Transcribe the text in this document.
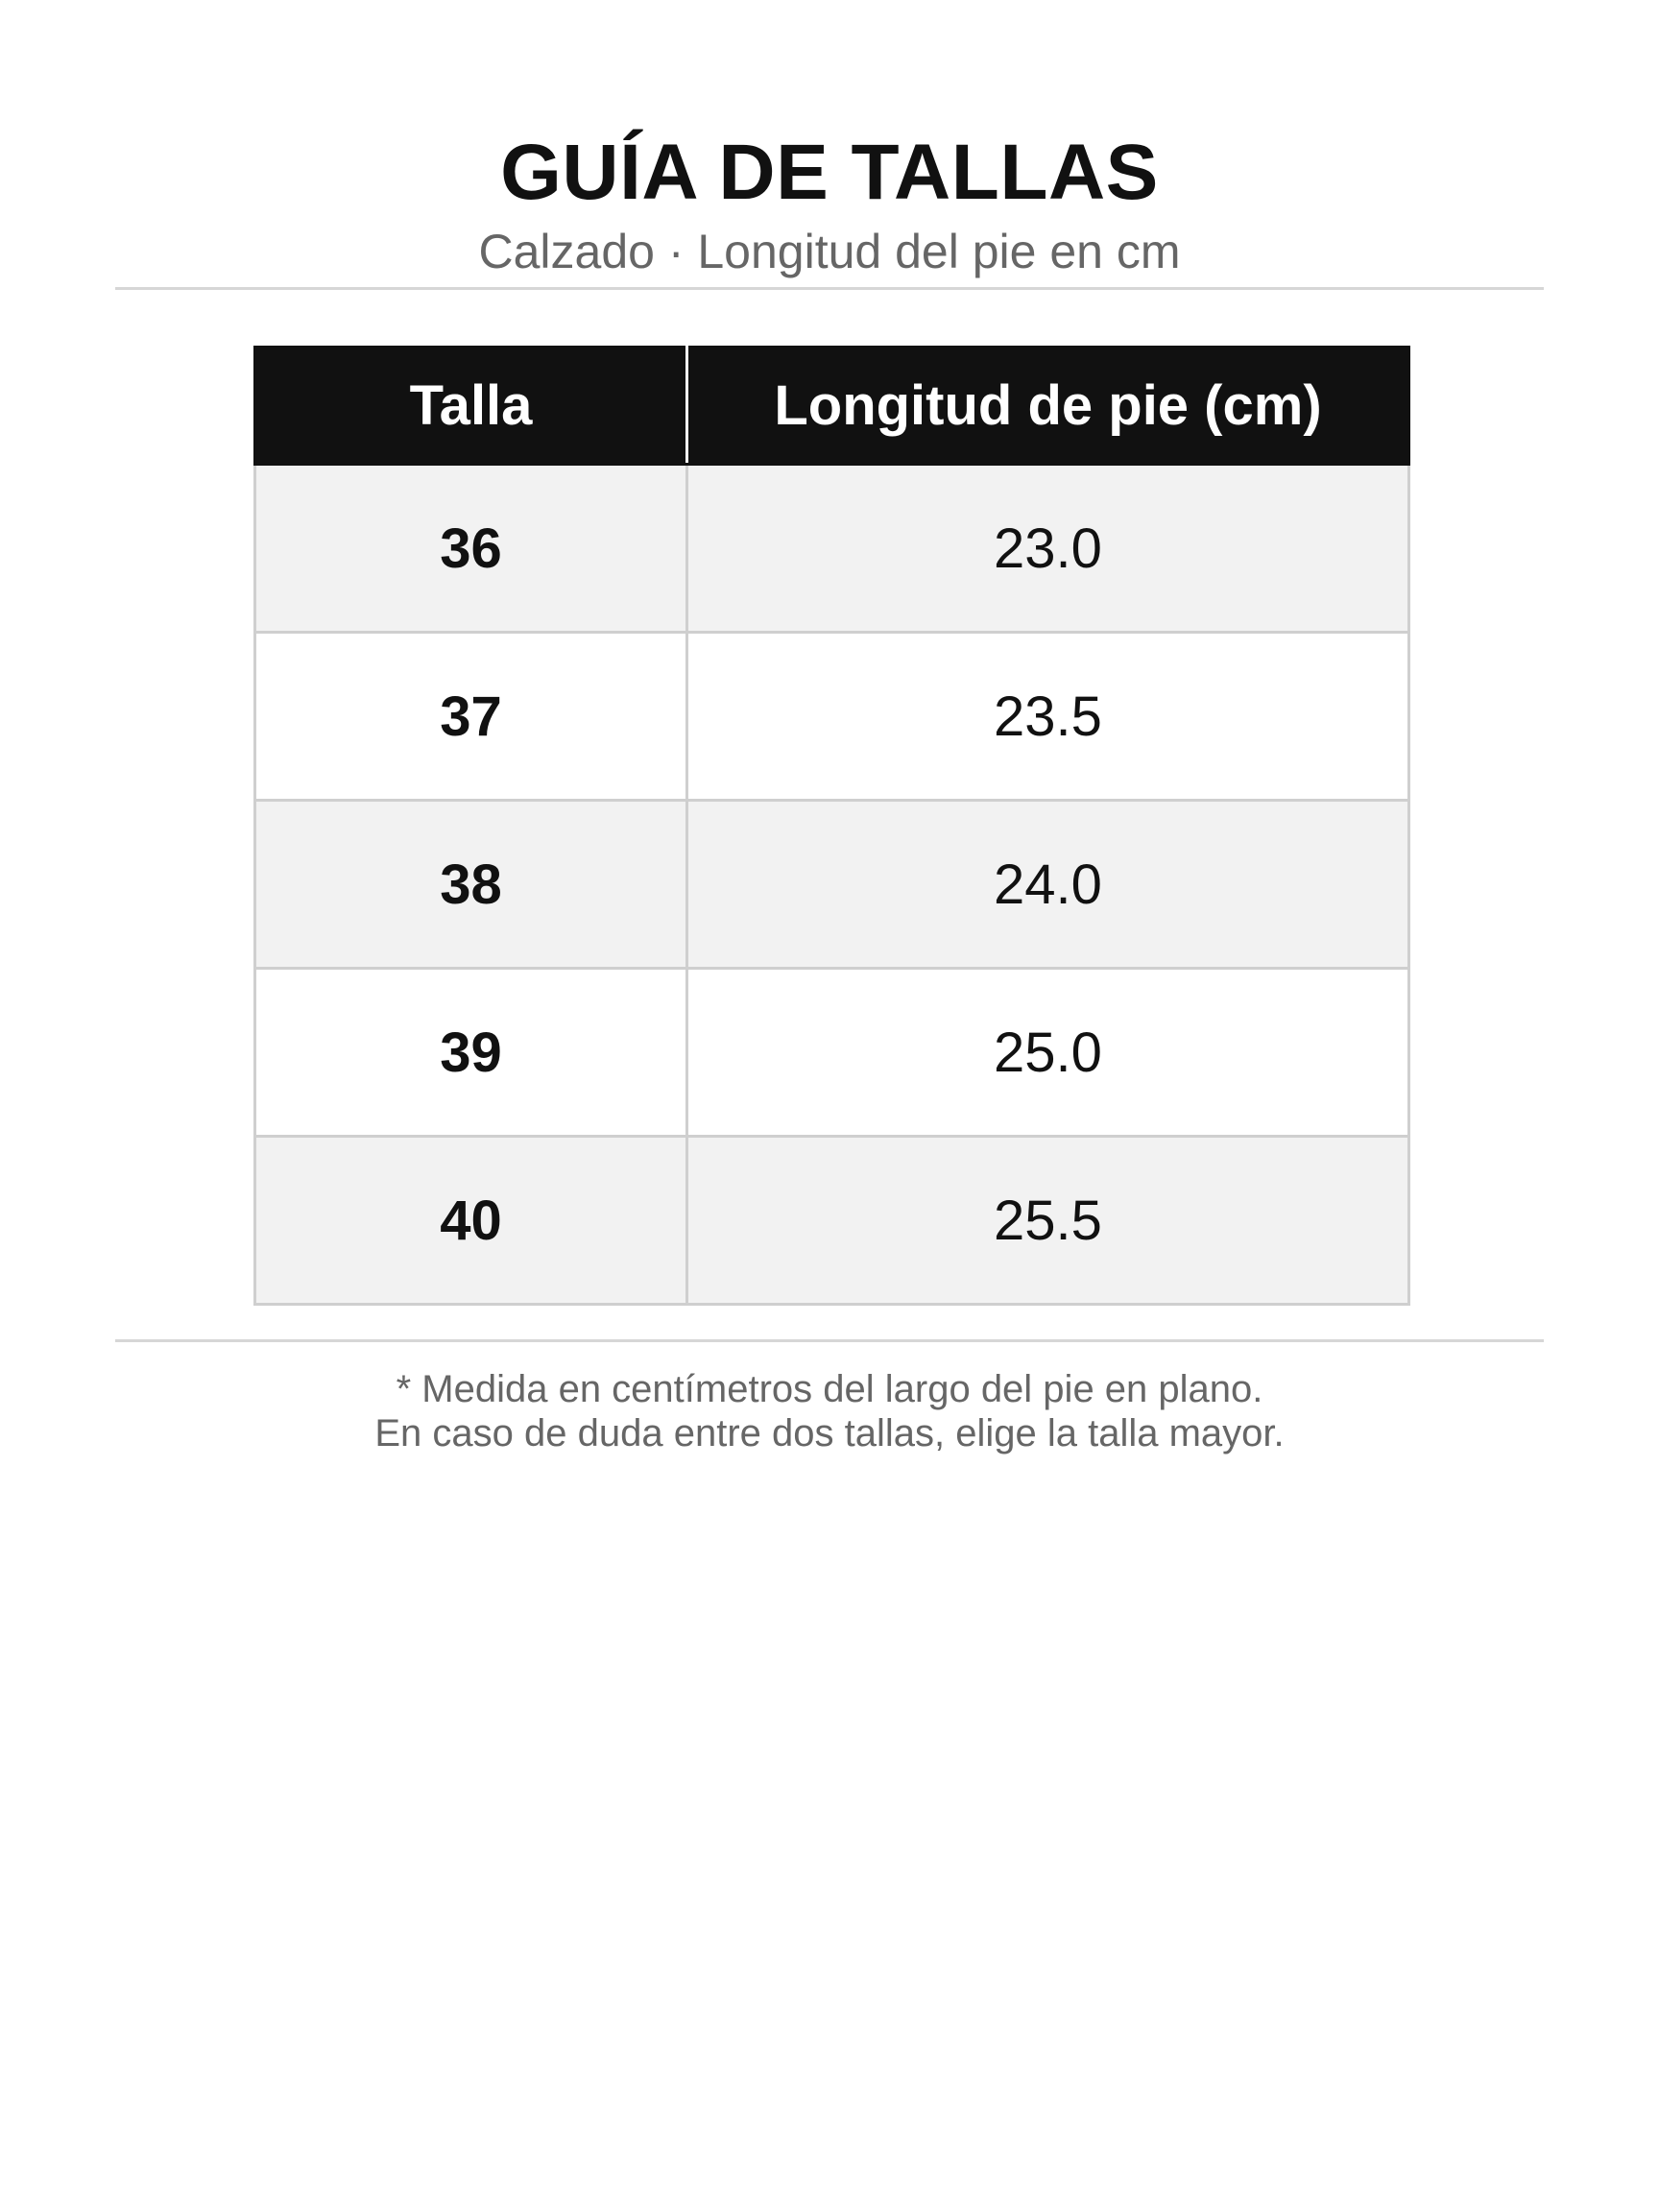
GUÍA DE TALLAS
Calzado · Longitud del pie en cm
Talla	Longitud de pie (cm)
36	23.0
37	23.5
38	24.0
39	25.0
40	25.5
* Medida en centímetros del largo del pie en plano.
En caso de duda entre dos tallas, elige la talla mayor.
